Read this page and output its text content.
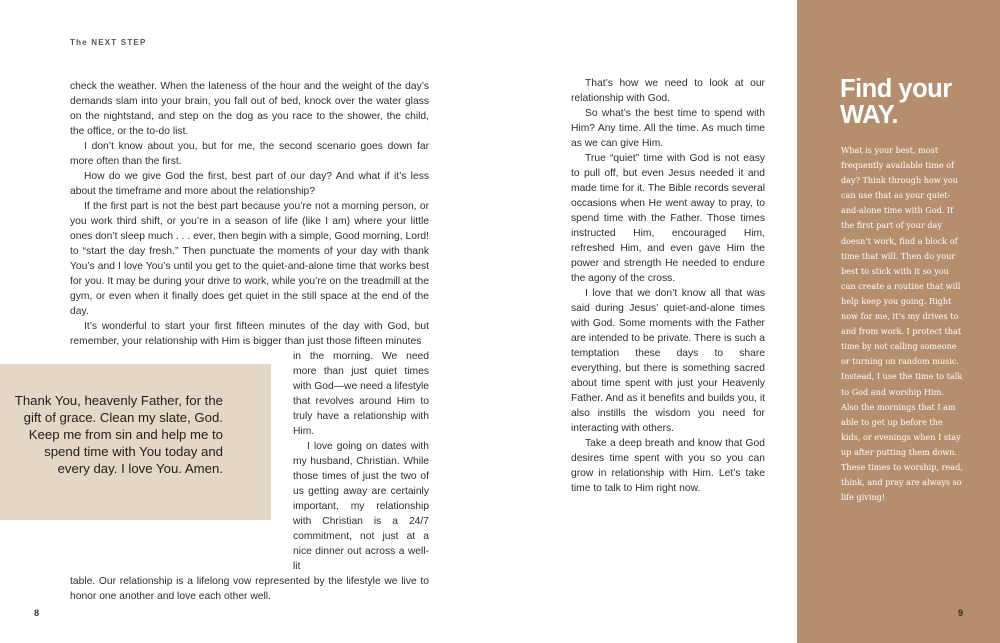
The NEXT STEP

check the weather. When the lateness of the hour and the weight of the day’s demands slam into your brain, you fall out of bed, knock over the water glass on the nightstand, and step on the dog as you race to the shower, the child, the office, or the to-do list.

I don’t know about you, but for me, the second scenario goes down far more often than the first.

How do we give God the first, best part of our day? And what if it’s less about the timeframe and more about the relationship?

If the first part is not the best part because you’re not a morning person, or you work third shift, or you’re in a season of life (like I am) where your little ones don’t sleep much . . . ever, then begin with a simple, Good morning, Lord! to “start the day fresh.” Then punctuate the moments of your day with thank You’s and I love You’s until you get to the quiet-and-alone time that works best for you. It may be during your drive to work, while you’re on the treadmill at the gym, or even when it finally does get quiet in the still space at the end of the day.

It’s wonderful to start your first fifteen minutes of the day with God, but remember, your relationship with Him is bigger than just those fifteen minutes

in the morning. We need more than just quiet times with God—we need a lifestyle that revolves around Him to truly have a relationship with Him.

I love going on dates with my husband, Christian. While those times of just the two of us getting away are certainly important, my relationship with Christian is a 24/7 commitment, not just at a nice dinner out across a well-lit

table. Our relationship is a lifelong vow represented by the lifestyle we live to honor one another and love each other well.

Thank You, heavenly Father, for the gift of grace. Clean my slate, God. Keep me from sin and help me to spend time with You today and every day. I love You. Amen.
8

That’s how we need to look at our relationship with God.

So what’s the best time to spend with Him? Any time. All the time. As much time as we can give Him.

True “quiet” time with God is not easy to pull off, but even Jesus needed it and made time for it. The Bible records several occasions when He went away to pray, to spend time with the Father. Those times instructed Him, encouraged Him, refreshed Him, and even gave Him the power and strength He needed to endure the agony of the cross.

I love that we don’t know all that was said during Jesus’ quiet-and-alone times with God. Some moments with the Father are intended to be private. There is such a temptation these days to share everything, but there is something sacred about time spent with just your Heavenly Father. And as it benefits and builds you, it also instills the wisdom you need for interacting with others.

Take a deep breath and know that God desires time spent with you so you can grow in relationship with Him. Let’s take time to talk to Him right now.

Find your
WAY.

What is your best, most frequently available time of day? Think through how you can use that as your quiet-and-alone time with God. If the first part of your day doesn’t work, find a block of time that will. Then do your best to stick with it so you can create a routine that will help keep you going. Right now for me, it’s my drives to and from work. I protect that time by not calling someone or turning on random music. Instead, I use the time to talk to God and worship Him. Also the mornings that I am able to get up before the kids, or evenings when I stay up after putting them down. These times to worship, read, think, and pray are always so life giving!

9
